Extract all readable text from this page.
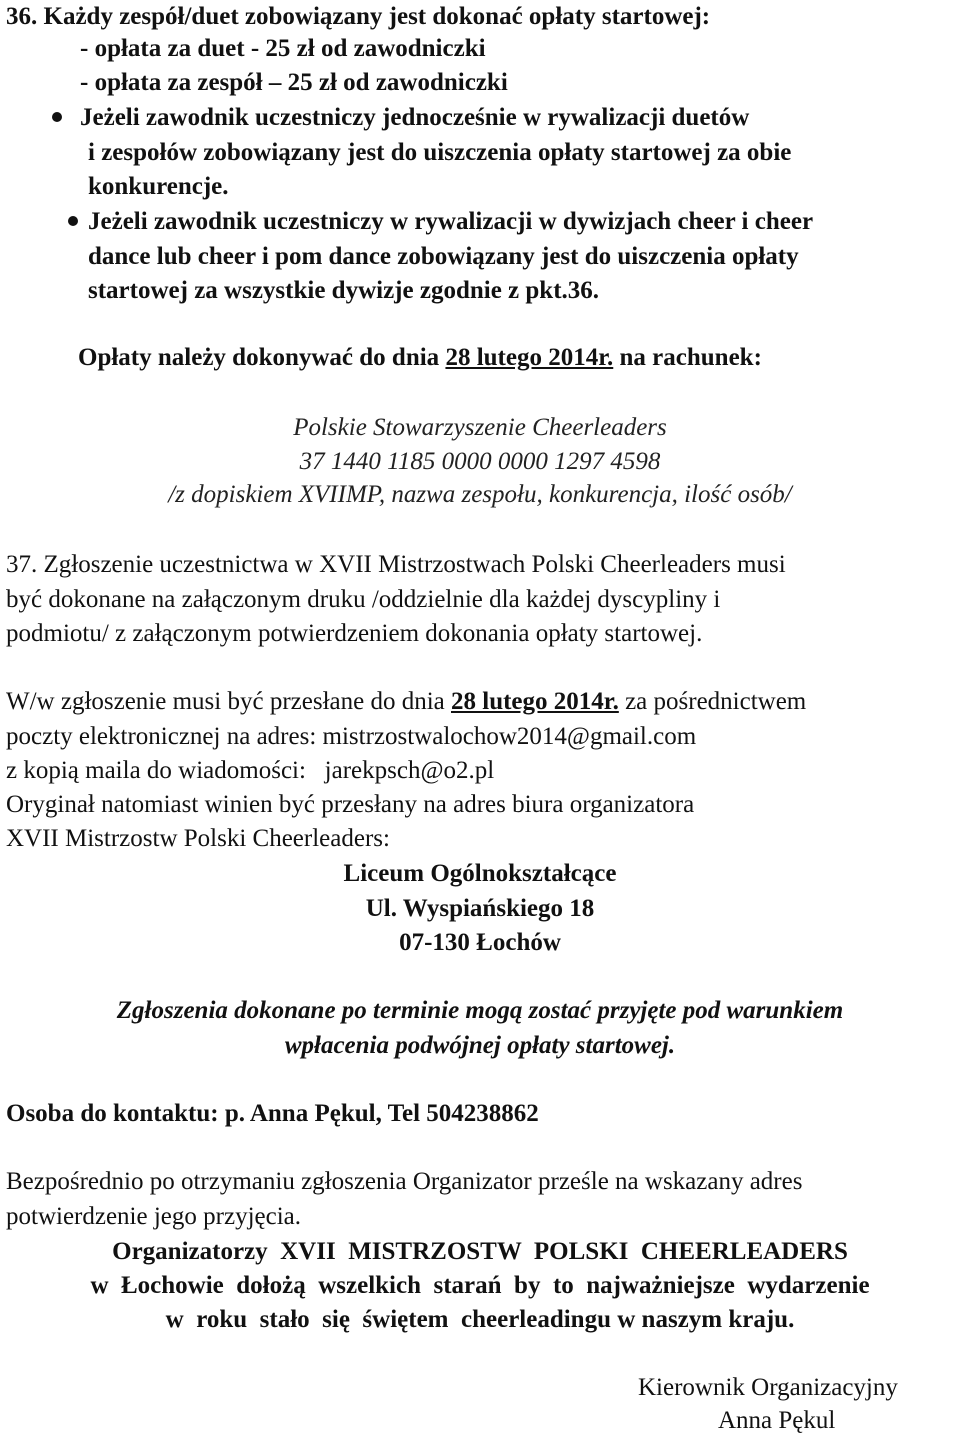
36. Każdy zespół/duet zobowiązany jest dokonać opłaty startowej:
- opłata za duet - 25 zł od zawodniczki
- opłata za zespół – 25 zł od zawodniczki
Jeżeli zawodnik uczestniczy jednocześnie w rywalizacji duetów
i zespołów zobowiązany jest do uiszczenia opłaty startowej za obie
konkurencje.
Jeżeli zawodnik uczestniczy w rywalizacji w dywizjach cheer i cheer
dance lub cheer i pom dance zobowiązany jest do uiszczenia opłaty
startowej za wszystkie dywizje zgodnie z pkt.36.
Opłaty należy dokonywać do dnia 28 lutego 2014r. na rachunek:
Polskie Stowarzyszenie Cheerleaders
37 1440 1185 0000 0000 1297 4598
/z dopiskiem XVIIMP, nazwa zespołu, konkurencja, ilość osób/
37. Zgłoszenie uczestnictwa w XVII Mistrzostwach Polski Cheerleaders musi
być dokonane na załączonym druku /oddzielnie dla każdej dyscypliny i
podmiotu/ z załączonym potwierdzeniem dokonania opłaty startowej.
W/w zgłoszenie musi być przesłane do dnia 28 lutego 2014r. za pośrednictwem
poczty elektronicznej na adres: mistrzostwalochow2014@gmail.com
z kopią maila do wiadomości:   jarekpsch@o2.pl
Oryginał natomiast winien być przesłany na adres biura organizatora
XVII Mistrzostw Polski Cheerleaders:
Liceum Ogólnokształcące
Ul. Wyspiańskiego 18
07-130 Łochów
Zgłoszenia dokonane po terminie mogą zostać przyjęte pod warunkiem
wpłacenia podwójnej opłaty startowej.
Osoba do kontaktu: p. Anna Pękul, Tel 504238862
Bezpośrednio po otrzymaniu zgłoszenia Organizator prześle na wskazany adres
potwierdzenie jego przyjęcia.
Organizatorzy  XVII  MISTRZOSTW  POLSKI  CHEERLEADERS
w  Łochowie  dołożą  wszelkich  starań  by  to  najważniejsze  wydarzenie
w  roku  stało  się  świętem  cheerleadingu w naszym kraju.
Kierownik Organizacyjny
Anna Pękul
